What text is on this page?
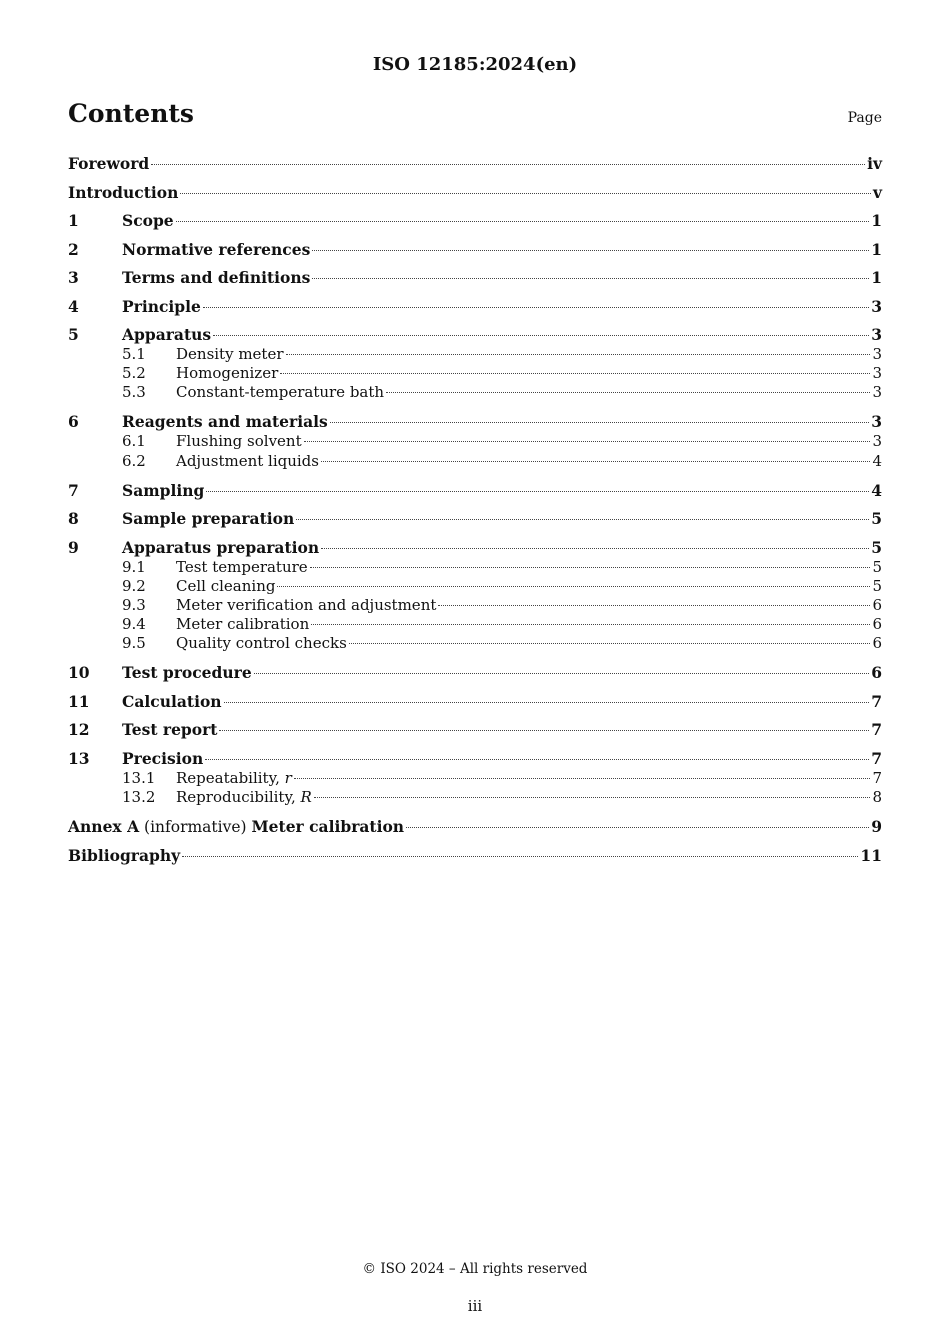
ISO 12185:2024(en)
Contents	Page
Foreword	iv
Introduction	v
1	Scope	1
2	Normative references	1
3	Terms and definitions	1
4	Principle	3
5	Apparatus	3
5.1	Density meter	3
5.2	Homogenizer	3
5.3	Constant-temperature bath	3
6	Reagents and materials	3
6.1	Flushing solvent	3
6.2	Adjustment liquids	4
7	Sampling	4
8	Sample preparation	5
9	Apparatus preparation	5
9.1	Test temperature	5
9.2	Cell cleaning	5
9.3	Meter verification and adjustment	6
9.4	Meter calibration	6
9.5	Quality control checks	6
10	Test procedure	6
11	Calculation	7
12	Test report	7
13	Precision	7
13.1	Repeatability, r	7
13.2	Reproducibility, R	8
Annex A (informative) Meter calibration	9
Bibliography	11
© ISO 2024 – All rights reserved
iii
